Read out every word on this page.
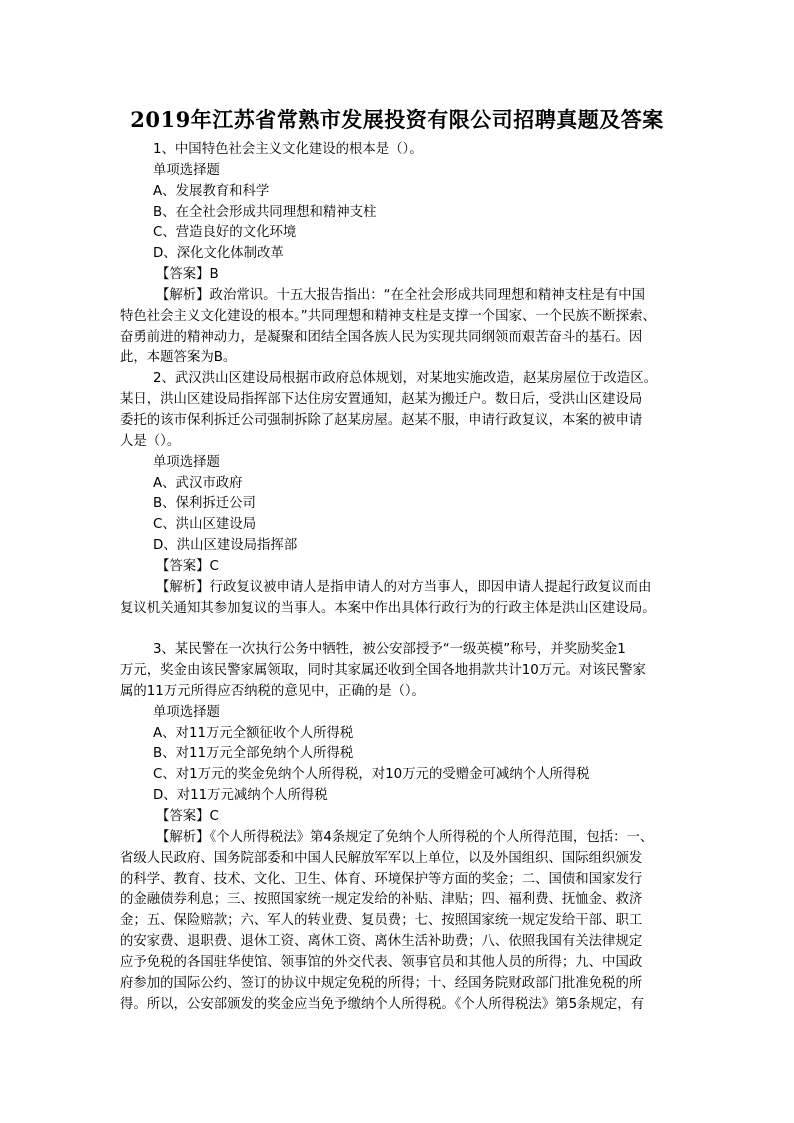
2019年江苏省常熟市发展投资有限公司招聘真题及答案
1、中国特色社会主义文化建设的根本是（）。
单项选择题
A、发展教育和科学
B、在全社会形成共同理想和精神支柱
C、营造良好的文化环境
D、深化文化体制改革
【答案】B
【解析】政治常识。十五大报告指出：“在全社会形成共同理想和精神支柱是有中国
特色社会主义文化建设的根本。”共同理想和精神支柱是支撑一个国家、一个民族不断探索、
奋勇前进的精神动力，是凝聚和团结全国各族人民为实现共同纲领而艰苦奋斗的基石。因
此，本题答案为B。
2、武汉洪山区建设局根据市政府总体规划，对某地实施改造，赵某房屋位于改造区。
某日，洪山区建设局指挥部下达住房安置通知，赵某为搬迁户。数日后，受洪山区建设局
委托的该市保利拆迁公司强制拆除了赵某房屋。赵某不服，申请行政复议，本案的被申请
人是（）。
单项选择题
A、武汉市政府
B、保利拆迁公司
C、洪山区建设局
D、洪山区建设局指挥部
【答案】C
【解析】行政复议被申请人是指申请人的对方当事人，即因申请人提起行政复议而由
复议机关通知其参加复议的当事人。本案中作出具体行政行为的行政主体是洪山区建设局。
3、某民警在一次执行公务中牺牲，被公安部授予“一级英模”称号，并奖励奖金1
万元，奖金由该民警家属领取，同时其家属还收到全国各地捐款共计10万元。对该民警家
属的11万元所得应否纳税的意见中，正确的是（）。
单项选择题
A、对11万元全额征收个人所得税
B、对11万元全部免纳个人所得税
C、对1万元的奖金免纳个人所得税，对10万元的受赠金可减纳个人所得税
D、对11万元减纳个人所得税
【答案】C
【解析】《个人所得税法》第4条规定了免纳个人所得税的个人所得范围，包括：一、
省级人民政府、国务院部委和中国人民解放军军以上单位，以及外国组织、国际组织颁发
的科学、教育、技术、文化、卫生、体育、环境保护等方面的奖金；二、国债和国家发行
的金融债券利息；三、按照国家统一规定发给的补贴、津贴；四、福利费、抚恤金、救济
金；五、保险赔款；六、军人的转业费、复员费；七、按照国家统一规定发给干部、职工
的安家费、退职费、退休工资、离休工资、离休生活补助费；八、依照我国有关法律规定
应予免税的各国驻华使馆、领事馆的外交代表、领事官员和其他人员的所得；九、中国政
府参加的国际公约、签订的协议中规定免税的所得；十、经国务院财政部门批准免税的所
得。所以，公安部颁发的奖金应当免予缴纳个人所得税。《个人所得税法》第5条规定，有
